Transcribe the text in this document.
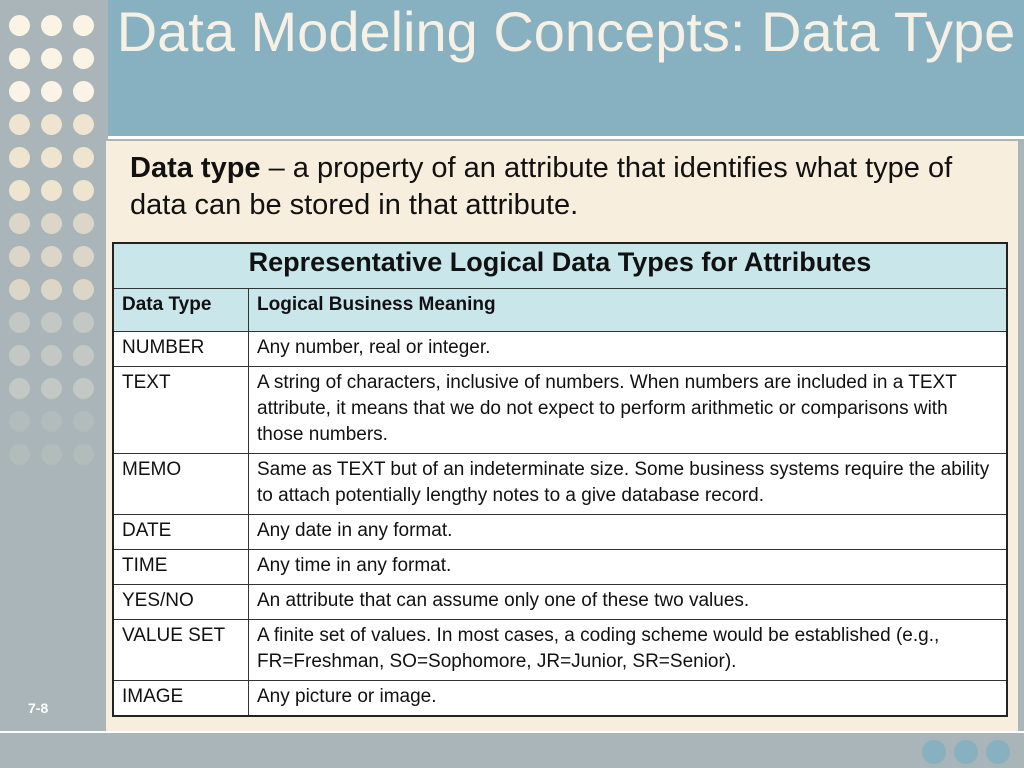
Data Modeling Concepts: Data Type

Data type – a property of an attribute that identifies what type of data can be stored in that attribute.

Representative Logical Data Types for Attributes	
Data Type	Logical Business Meaning
NUMBER	Any number, real or integer.
TEXT	A string of characters, inclusive of numbers. When numbers are included in a TEXT attribute, it means that we do not expect to perform arithmetic or comparisons with those numbers.
MEMO	Same as TEXT but of an indeterminate size. Some business systems require the ability to attach potentially lengthy notes to a give database record.
DATE	Any date in any format.
TIME	Any time in any format.
YES/NO	An attribute that can assume only one of these two values.
VALUE SET	A finite set of values. In most cases, a coding scheme would be established (e.g., FR=Freshman, SO=Sophomore, JR=Junior, SR=Senior).
IMAGE	Any picture or image.
7-8
